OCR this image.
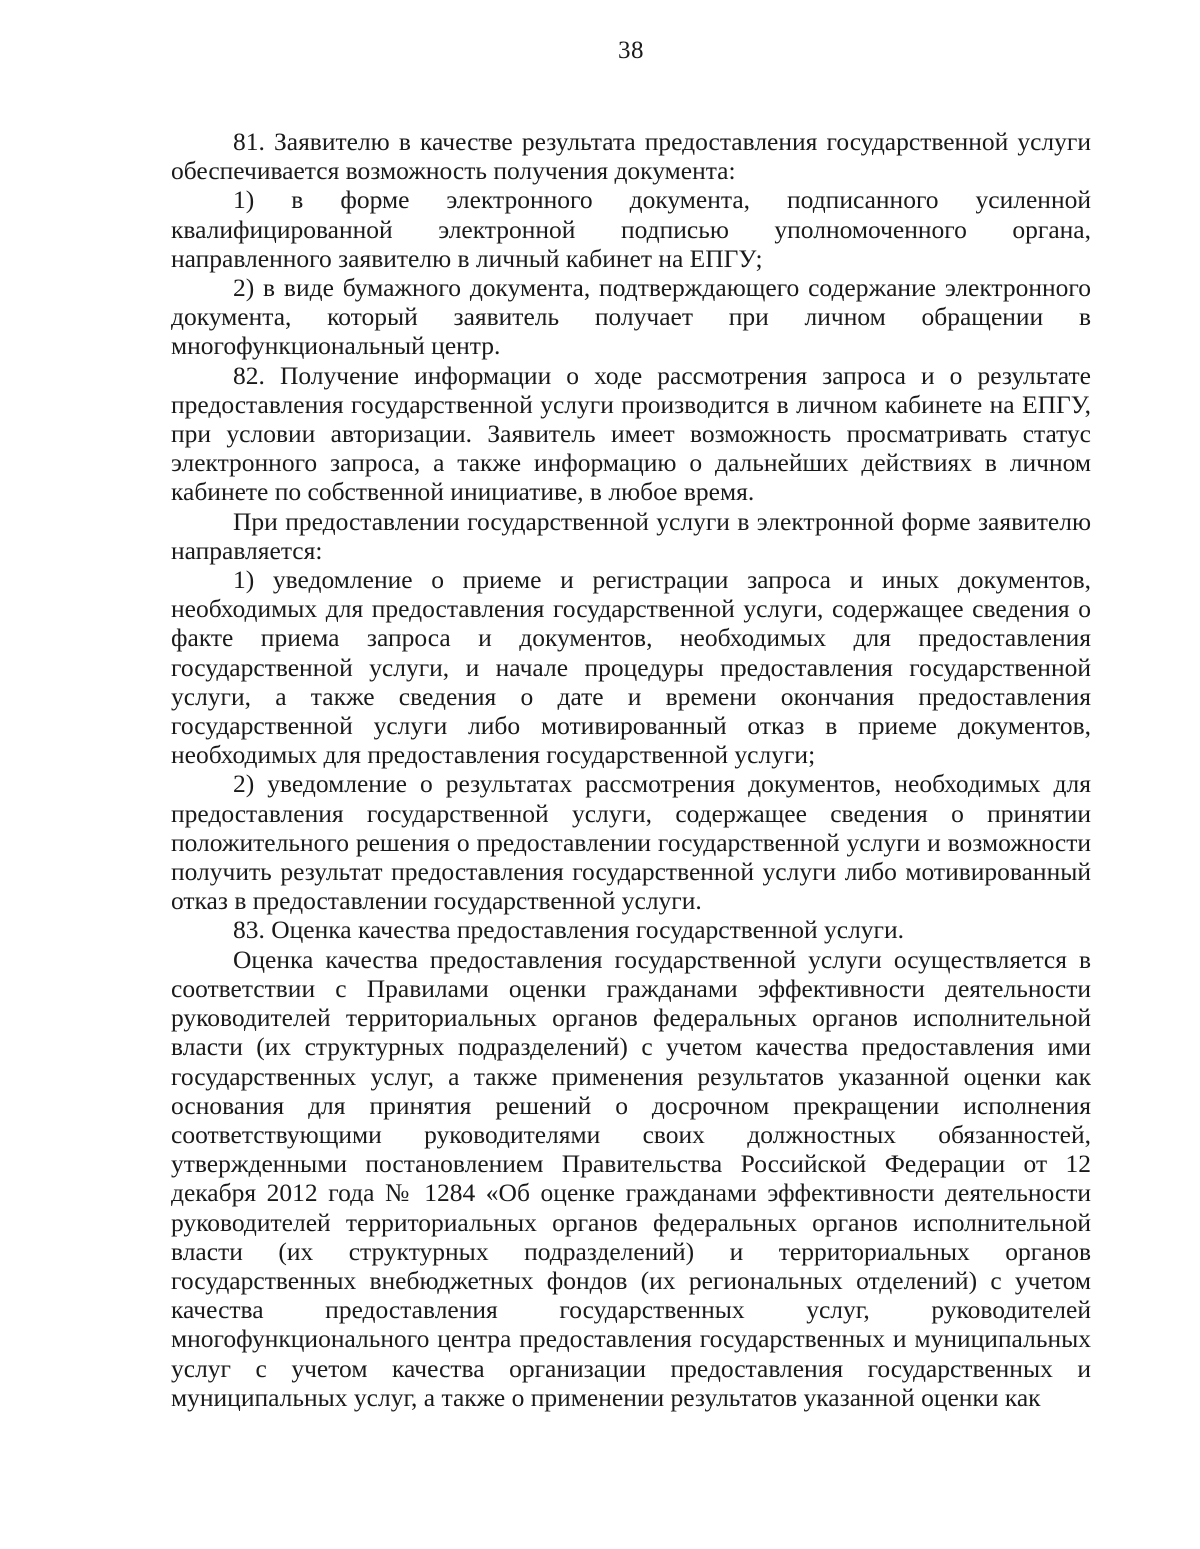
38

81. Заявителю в качестве результата предоставления государственной услуги обеспечивается возможность получения документа:

1) в форме электронного документа, подписанного усиленной квалифицированной электронной подписью уполномоченного органа, направленного заявителю в личный кабинет на ЕПГУ;

2) в виде бумажного документа, подтверждающего содержание электронного документа, который заявитель получает при личном обращении в многофункциональный центр.

82. Получение информации о ходе рассмотрения запроса и о результате предоставления государственной услуги производится в личном кабинете на ЕПГУ, при условии авторизации. Заявитель имеет возможность просматривать статус электронного запроса, а также информацию о дальнейших действиях в личном кабинете по собственной инициативе, в любое время.

При предоставлении государственной услуги в электронной форме заявителю направляется:

1) уведомление о приеме и регистрации запроса и иных документов, необходимых для предоставления государственной услуги, содержащее сведения о факте приема запроса и документов, необходимых для предоставления государственной услуги, и начале процедуры предоставления государственной услуги, а также сведения о дате и времени окончания предоставления государственной услуги либо мотивированный отказ в приеме документов, необходимых для предоставления государственной услуги;

2) уведомление о результатах рассмотрения документов, необходимых для предоставления государственной услуги, содержащее сведения о принятии положительного решения о предоставлении государственной услуги и возможности получить результат предоставления государственной услуги либо мотивированный отказ в предоставлении государственной услуги.

83. Оценка качества предоставления государственной услуги.

Оценка качества предоставления государственной услуги осуществляется в соответствии с Правилами оценки гражданами эффективности деятельности руководителей территориальных органов федеральных органов исполнительной власти (их структурных подразделений) с учетом качества предоставления ими государственных услуг, а также применения результатов указанной оценки как основания для принятия решений о досрочном прекращении исполнения соответствующими руководителями своих должностных обязанностей, утвержденными постановлением Правительства Российской Федерации от 12 декабря 2012 года № 1284 «Об оценке гражданами эффективности деятельности руководителей территориальных органов федеральных органов исполнительной власти (их структурных подразделений) и территориальных органов государственных внебюджетных фондов (их региональных отделений) с учетом качества предоставления государственных услуг, руководителей многофункционального центра предоставления государственных и муниципальных услуг с учетом качества организации предоставления государственных и муниципальных услуг, а также о применении результатов указанной оценки как
